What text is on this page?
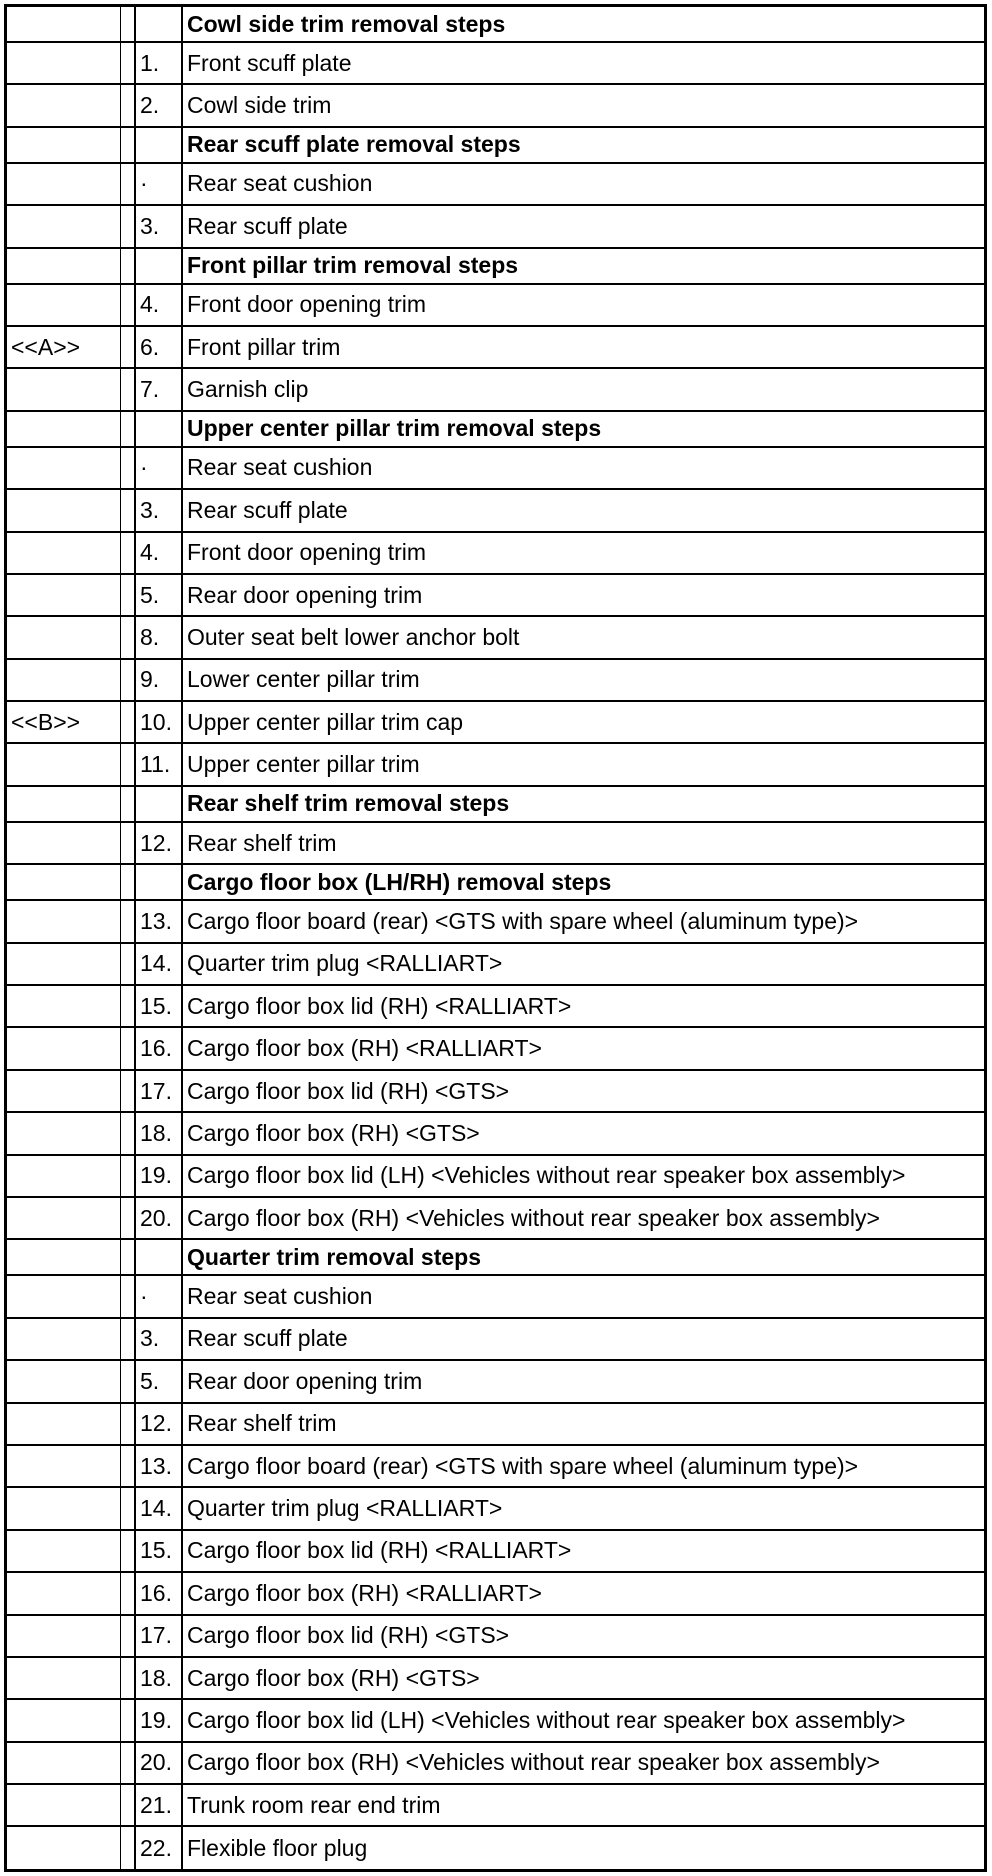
Cowl side trim removal steps
1.	Front scuff plate
2.	Cowl side trim
Rear scuff plate removal steps
·	Rear seat cushion
3.	Rear scuff plate
Front pillar trim removal steps
4.	Front door opening trim
<<A>>	6.	Front pillar trim
7.	Garnish clip
Upper center pillar trim removal steps
·	Rear seat cushion
3.	Rear scuff plate
4.	Front door opening trim
5.	Rear door opening trim
8.	Outer seat belt lower anchor bolt
9.	Lower center pillar trim
<<B>>	10. Upper center pillar trim cap
11. Upper center pillar trim
Rear shelf trim removal steps
12. Rear shelf trim
Cargo floor box (LH/RH) removal steps
13. Cargo floor board (rear) <GTS with spare wheel (aluminum type)>
14. Quarter trim plug <RALLIART>
15. Cargo floor box lid (RH) <RALLIART>
16. Cargo floor box (RH) <RALLIART>
17. Cargo floor box lid (RH) <GTS>
18. Cargo floor box (RH) <GTS>
19. Cargo floor box lid (LH) <Vehicles without rear speaker box assembly>
20. Cargo floor box (RH) <Vehicles without rear speaker box assembly>
Quarter trim removal steps
·	Rear seat cushion
3.	Rear scuff plate
5.	Rear door opening trim
12. Rear shelf trim
13. Cargo floor board (rear) <GTS with spare wheel (aluminum type)>
14. Quarter trim plug <RALLIART>
15. Cargo floor box lid (RH) <RALLIART>
16. Cargo floor box (RH) <RALLIART>
17. Cargo floor box lid (RH) <GTS>
18. Cargo floor box (RH) <GTS>
19. Cargo floor box lid (LH) <Vehicles without rear speaker box assembly>
20. Cargo floor box (RH) <Vehicles without rear speaker box assembly>
21. Trunk room rear end trim
22. Flexible floor plug
